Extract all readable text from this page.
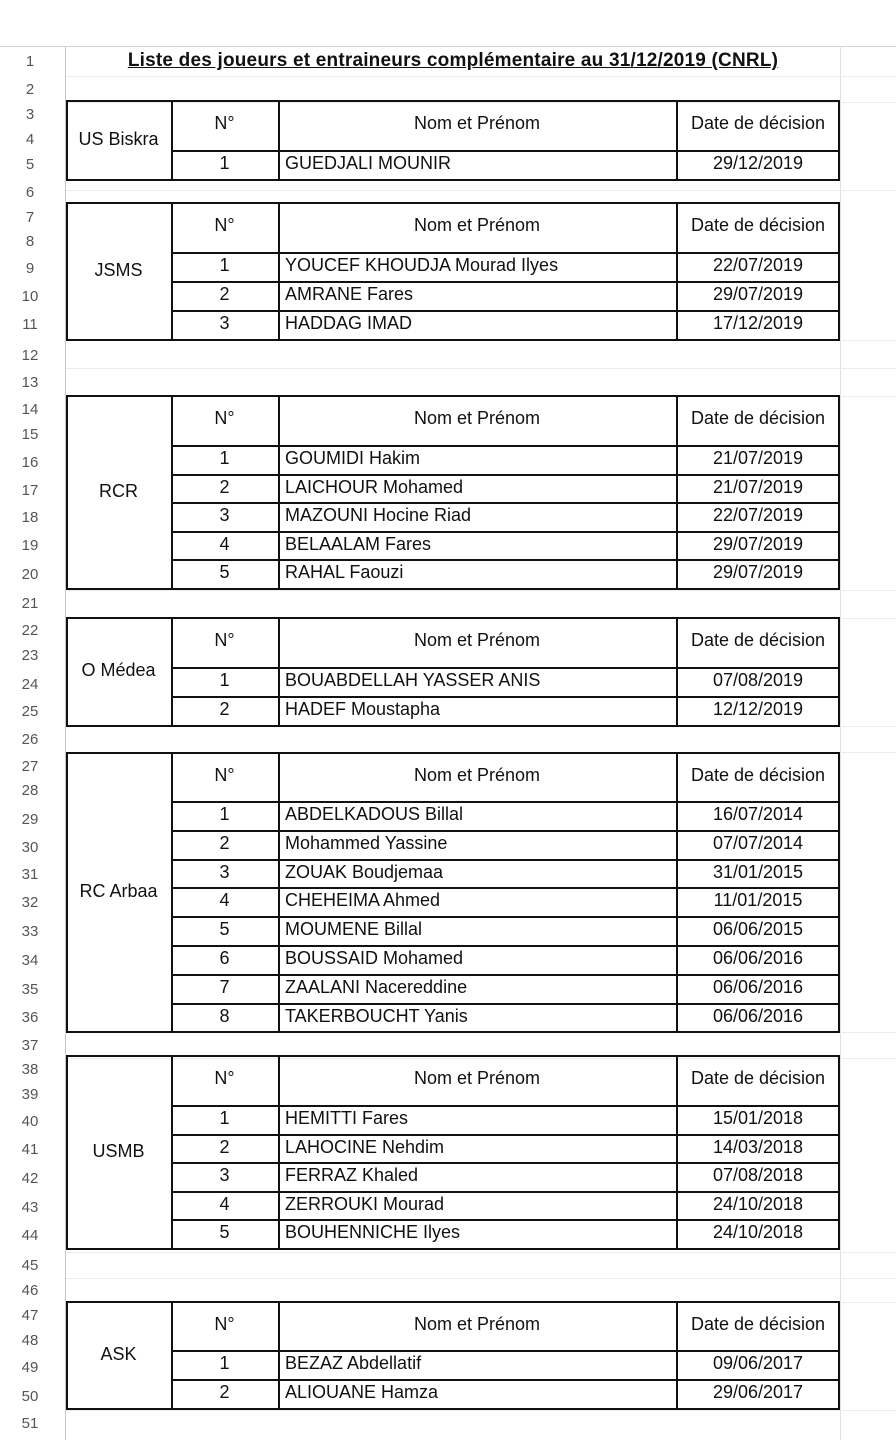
1
2
3
4
5
6
7
8
9
10
11
12
13
14
15
16
17
18
19
20
21
22
23
24
25
26
27
28
29
30
31
32
33
34
35
36
37
38
39
40
41
42
43
44
45
46
47
48
49
50
51
Liste des joueurs et entraineurs complémentaire au 31/12/2019 (CNRL)
US Biskra
N°	Nom et Prénom	Date de décision
1	GUEDJALI MOUNIR	29/12/2019
JSMS
N°	Nom et Prénom	Date de décision
1	YOUCEF KHOUDJA Mourad Ilyes	22/07/2019
2	AMRANE Fares	29/07/2019
3	HADDAG IMAD	17/12/2019
RCR
N°	Nom et Prénom	Date de décision
1	GOUMIDI Hakim	21/07/2019
2	LAICHOUR Mohamed	21/07/2019
3	MAZOUNI Hocine Riad	22/07/2019
4	BELAALAM Fares	29/07/2019
5	RAHAL Faouzi	29/07/2019
O Médea
N°	Nom et Prénom	Date de décision
1	BOUABDELLAH YASSER ANIS	07/08/2019
2	HADEF Moustapha	12/12/2019
RC Arbaa
N°	Nom et Prénom	Date de décision
1	ABDELKADOUS Billal	16/07/2014
2	Mohammed Yassine	07/07/2014
3	ZOUAK Boudjemaa	31/01/2015
4	CHEHEIMA Ahmed	11/01/2015
5	MOUMENE Billal	06/06/2015
6	BOUSSAID Mohamed	06/06/2016
7	ZAALANI Nacereddine	06/06/2016
8	TAKERBOUCHT Yanis	06/06/2016
USMB
N°	Nom et Prénom	Date de décision
1	HEMITTI Fares	15/01/2018
2	LAHOCINE Nehdim	14/03/2018
3	FERRAZ Khaled	07/08/2018
4	ZERROUKI Mourad	24/10/2018
5	BOUHENNICHE Ilyes	24/10/2018
ASK
N°	Nom et Prénom	Date de décision
1	BEZAZ Abdellatif	09/06/2017
2	ALIOUANE Hamza	29/06/2017
